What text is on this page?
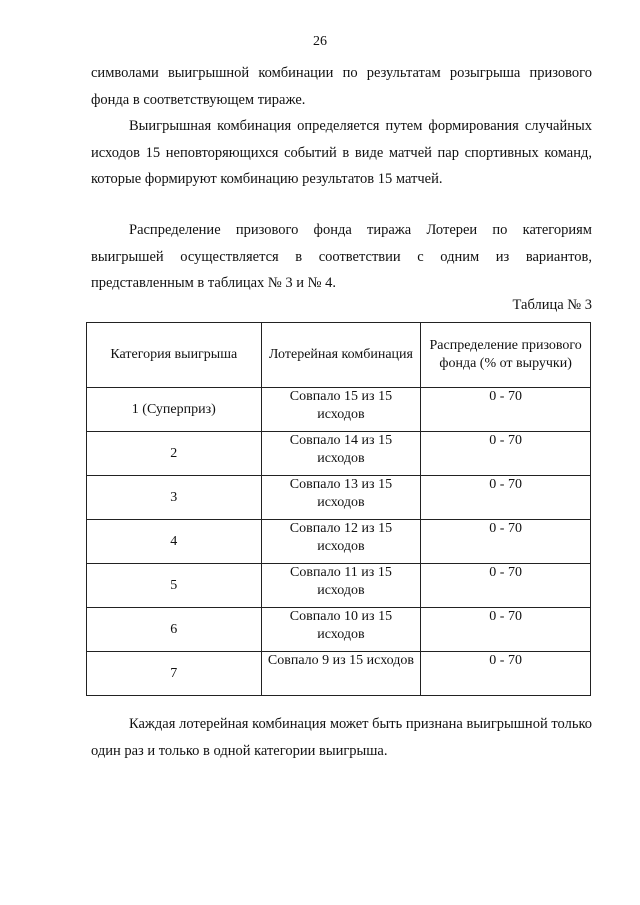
26

символами выигрышной комбинации по результатам розыгрыша призового фонда в соответствующем тираже.

Выигрышная комбинация определяется путем формирования случайных исходов 15 неповторяющихся событий в виде матчей пар спортивных команд, которые формируют комбинацию результатов 15 матчей.

Распределение призового фонда тиража Лотереи по категориям выигрышей осуществляется в соответствии с одним из вариантов, представленным в таблицах № 3 и № 4.

Таблица № 3
Категория выигрыша	Лотерейная комбинация	Распределение призового фонда (% от выручки)
1 (Суперприз)	Совпало 15 из 15 исходов	0 - 70
2	Совпало 14 из 15 исходов	0 - 70
3	Совпало 13 из 15 исходов	0 - 70
4	Совпало 12 из 15 исходов	0 - 70
5	Совпало 11 из 15 исходов	0 - 70
6	Совпало 10 из 15 исходов	0 - 70
7	Совпало 9 из 15 исходов	0 - 70

Каждая лотерейная комбинация может быть признана выигрышной только один раз и только в одной категории выигрыша.
